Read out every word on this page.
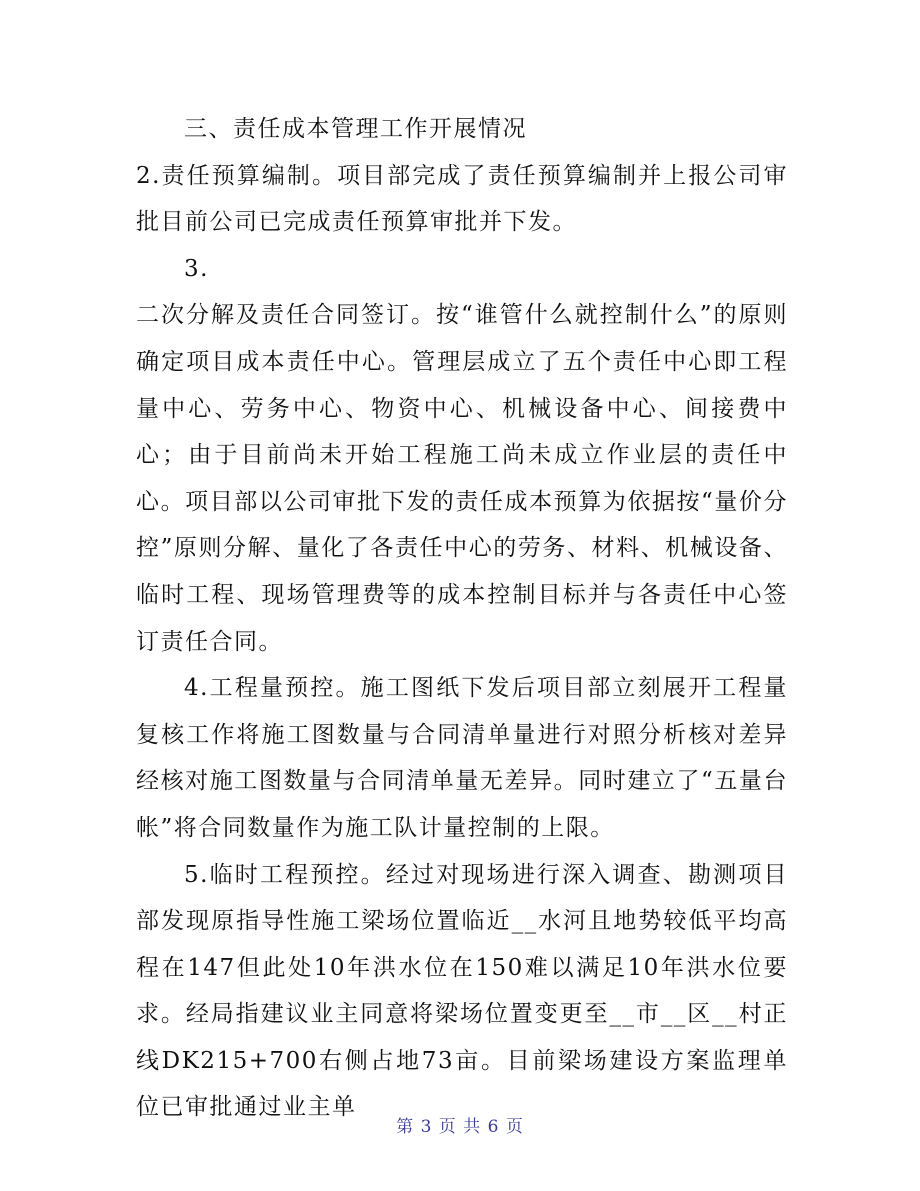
三、责任成本管理工作开展情况

2.责任预算编制。项目部完成了责任预算编制并上报公司审批目前公司已完成责任预算审批并下发。

3.

二次分解及责任合同签订。按“谁管什么就控制什么”的原则确定项目成本责任中心。管理层成立了五个责任中心即工程量中心、劳务中心、物资中心、机械设备中心、间接费中心；由于目前尚未开始工程施工尚未成立作业层的责任中心。项目部以公司审批下发的责任成本预算为依据按“量价分控”原则分解、量化了各责任中心的劳务、材料、机械设备、临时工程、现场管理费等的成本控制目标并与各责任中心签订责任合同。

4.工程量预控。施工图纸下发后项目部立刻展开工程量复核工作将施工图数量与合同清单量进行对照分析核对差异经核对施工图数量与合同清单量无差异。同时建立了“五量台帐”将合同数量作为施工队计量控制的上限。

5.临时工程预控。经过对现场进行深入调查、勘测项目部发现原指导性施工梁场位置临近__水河且地势较低平均高程在147但此处10年洪水位在150难以满足10年洪水位要求。经局指建议业主同意将梁场位置变更至__市__区__村正线DK215+700右侧占地73亩。目前梁场建设方案监理单位已审批通过业主单

第 3 页 共 6 页
